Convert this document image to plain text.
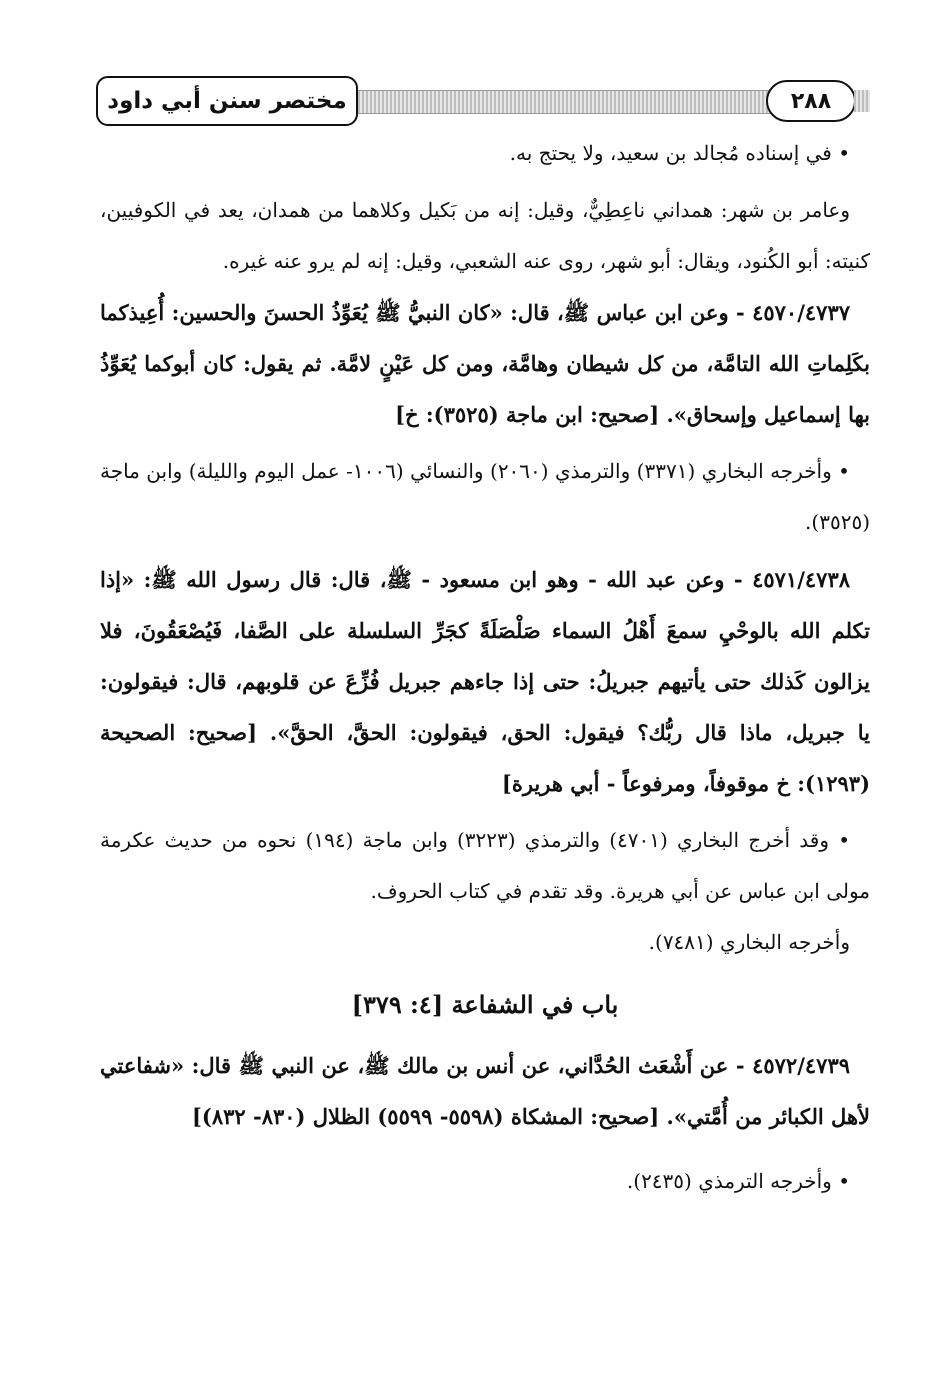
مختصر سنن أبي داود	٢٨٨

• في إسناده مُجالد بن سعيد، ولا يحتج به.

وعامر بن شهر: همداني ناعِطِيٌّ، وقيل: إنه من بَكيل وكلاهما من همدان، يعد في الكوفيين، كنيته: أبو الكُنود، ويقال: أبو شهر، روى عنه الشعبي، وقيل: إنه لم يرو عنه غيره.

٤٥٧٠/٤٧٣٧ - وعن ابن عباس ﷺ، قال: «كان النبيُّ ﷺ يُعَوِّذُ الحسنَ والحسين: أُعِيذكما بكَلِماتِ الله التامَّة، من كل شيطان وهامَّة، ومن كل عَيْنٍ لامَّة. ثم يقول: كان أبوكما يُعَوِّذُ بها إسماعيل وإسحاق». [صحيح: ابن ماجة (٣٥٢٥): خ]

• وأخرجه البخاري (٣٣٧١) والترمذي (٢٠٦٠) والنسائي (١٠٠٦- عمل اليوم والليلة) وابن ماجة (٣٥٢٥).

٤٥٧١/٤٧٣٨ - وعن عبد الله - وهو ابن مسعود - ﷺ، قال: قال رسول الله ﷺ: «إذا تكلم الله بالوحْيِ سمعَ أَهْلُ السماء صَلْصَلَةً كجَرِّ السلسلة على الصَّفا، فَيُصْعَقُونَ، فلا يزالون كَذلك حتى يأتيهم جبريلُ: حتى إذا جاءهم جبريل فُزِّعَ عن قلوبهم، قال: فيقولون: يا جبريل، ماذا قال ربُّك؟ فيقول: الحق، فيقولون: الحقَّ، الحقَّ». [صحيح: الصحيحة (١٢٩٣): خ موقوفاً، ومرفوعاً - أبي هريرة]

• وقد أخرج البخاري (٤٧٠١) والترمذي (٣٢٢٣) وابن ماجة (١٩٤) نحوه من حديث عكرمة مولى ابن عباس عن أبي هريرة. وقد تقدم في كتاب الحروف.

وأخرجه البخاري (٧٤٨١).

باب في الشفاعة [٤: ٣٧٩]

٤٥٧٢/٤٧٣٩ - عن أَشْعَث الحُدَّاني، عن أنس بن مالك ﷺ، عن النبي ﷺ قال: «شفاعتي لأهل الكبائر من أُمَّتي». [صحيح: المشكاة (٥٥٩٨- ٥٥٩٩) الظلال (٨٣٠- ٨٣٢)]

• وأخرجه الترمذي (٢٤٣٥).
